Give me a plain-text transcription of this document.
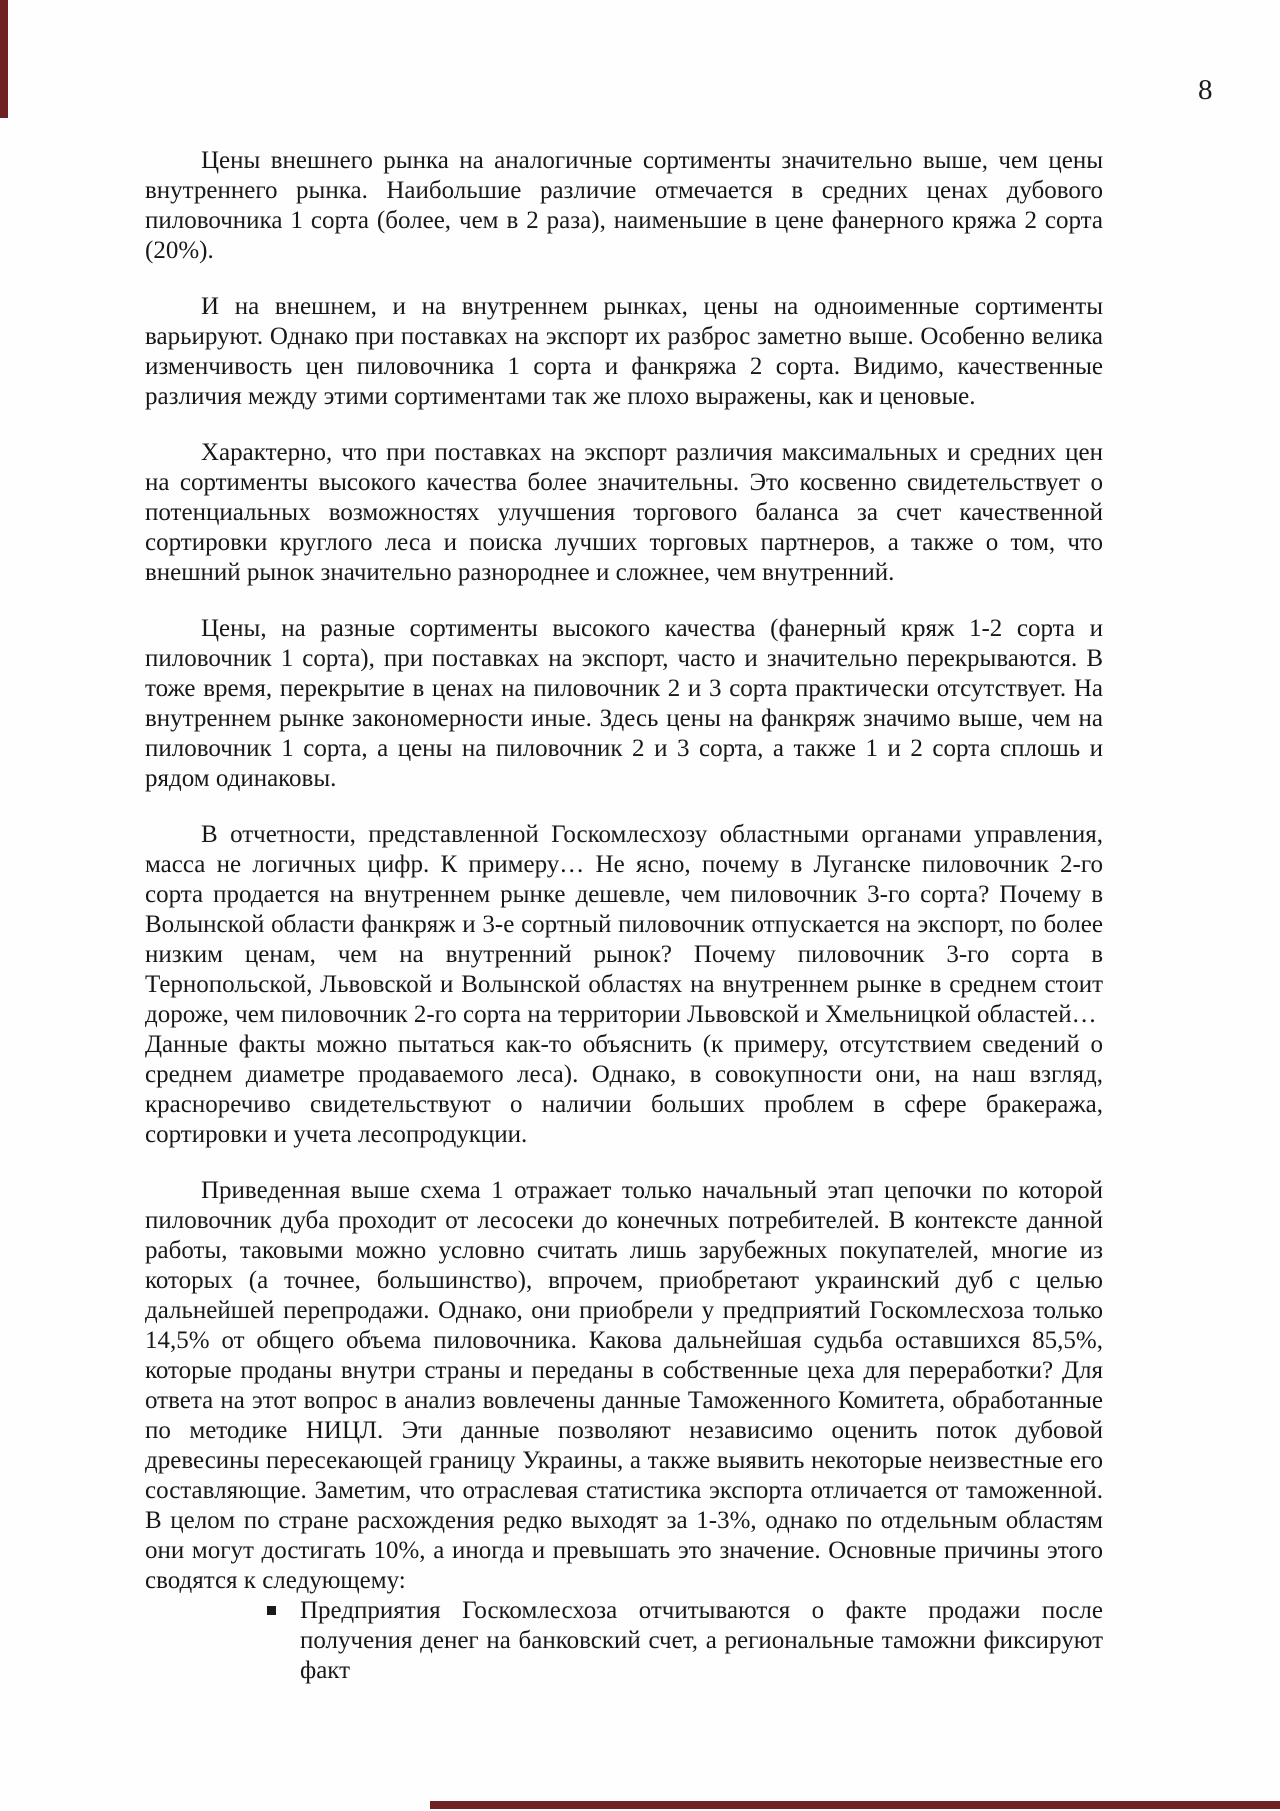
8

Цены внешнего рынка на аналогичные сортименты значительно выше, чем цены внутреннего рынка. Наибольшие различие отмечается в средних ценах дубового пиловочника 1 сорта (более, чем в 2 раза), наименьшие в цене фанерного кряжа 2 сорта (20%).

И на внешнем, и на внутреннем рынках, цены на одноименные сортименты варьируют. Однако при поставках на экспорт их разброс заметно выше. Особенно велика изменчивость цен пиловочника 1 сорта и фанкряжа 2 сорта. Видимо, качественные различия между этими сортиментами так же плохо выражены, как и ценовые.

Характерно, что при поставках на экспорт различия максимальных и средних цен на сортименты высокого качества более значительны. Это косвенно свидетельствует о потенциальных возможностях улучшения торгового баланса за счет качественной сортировки круглого леса и поиска лучших торговых партнеров, а также о том, что внешний рынок значительно разнороднее и сложнее, чем внутренний.

Цены, на разные сортименты высокого качества (фанерный кряж 1-2 сорта и пиловочник 1 сорта), при поставках на экспорт, часто и значительно перекрываются. В тоже время, перекрытие в ценах на пиловочник 2 и 3 сорта практически отсутствует. На внутреннем рынке закономерности иные. Здесь цены на фанкряж значимо выше, чем на пиловочник 1 сорта, а цены на пиловочник 2 и 3 сорта, а также 1 и 2 сорта сплошь и рядом одинаковы.

В отчетности, представленной Госкомлесхозу областными органами управления, масса не логичных цифр. К примеру… Не ясно, почему в Луганске пиловочник 2-го сорта продается на внутреннем рынке дешевле, чем пиловочник 3-го сорта? Почему в Волынской области фанкряж и 3-е сортный пиловочник отпускается на экспорт, по более низким ценам, чем на внутренний рынок? Почему пиловочник 3-го сорта в Тернопольской, Львовской и Волынской областях на внутреннем рынке в среднем стоит дороже, чем пиловочник 2-го сорта на территории Львовской и Хмельницкой областей…

Данные факты можно пытаться как-то объяснить (к примеру, отсутствием сведений о среднем диаметре продаваемого леса). Однако, в совокупности они, на наш взгляд, красноречиво свидетельствуют о наличии больших проблем в сфере бракеража, сортировки и учета лесопродукции.

Приведенная выше схема 1 отражает только начальный этап цепочки по которой пиловочник дуба проходит от лесосеки до конечных потребителей. В контексте данной работы, таковыми можно условно считать лишь зарубежных покупателей, многие из которых (а точнее, большинство), впрочем, приобретают украинский дуб с целью дальнейшей перепродажи. Однако, они приобрели у предприятий Госкомлесхоза только 14,5% от общего объема пиловочника. Какова дальнейшая судьба оставшихся 85,5%, которые проданы внутри страны и переданы в собственные цеха для переработки? Для ответа на этот вопрос в анализ вовлечены данные Таможенного Комитета, обработанные по методике НИЦЛ. Эти данные позволяют независимо оценить поток дубовой древесины пересекающей границу Украины, а также выявить некоторые неизвестные его составляющие. Заметим, что отраслевая статистика экспорта отличается от таможенной. В целом по стране расхождения редко выходят за 1-3%, однако по отдельным областям они могут достигать 10%, а иногда и превышать это значение. Основные причины этого сводятся к следующему:

Предприятия Госкомлесхоза отчитываются о факте продажи после получения денег на банковский счет, а региональные таможни фиксируют факт
